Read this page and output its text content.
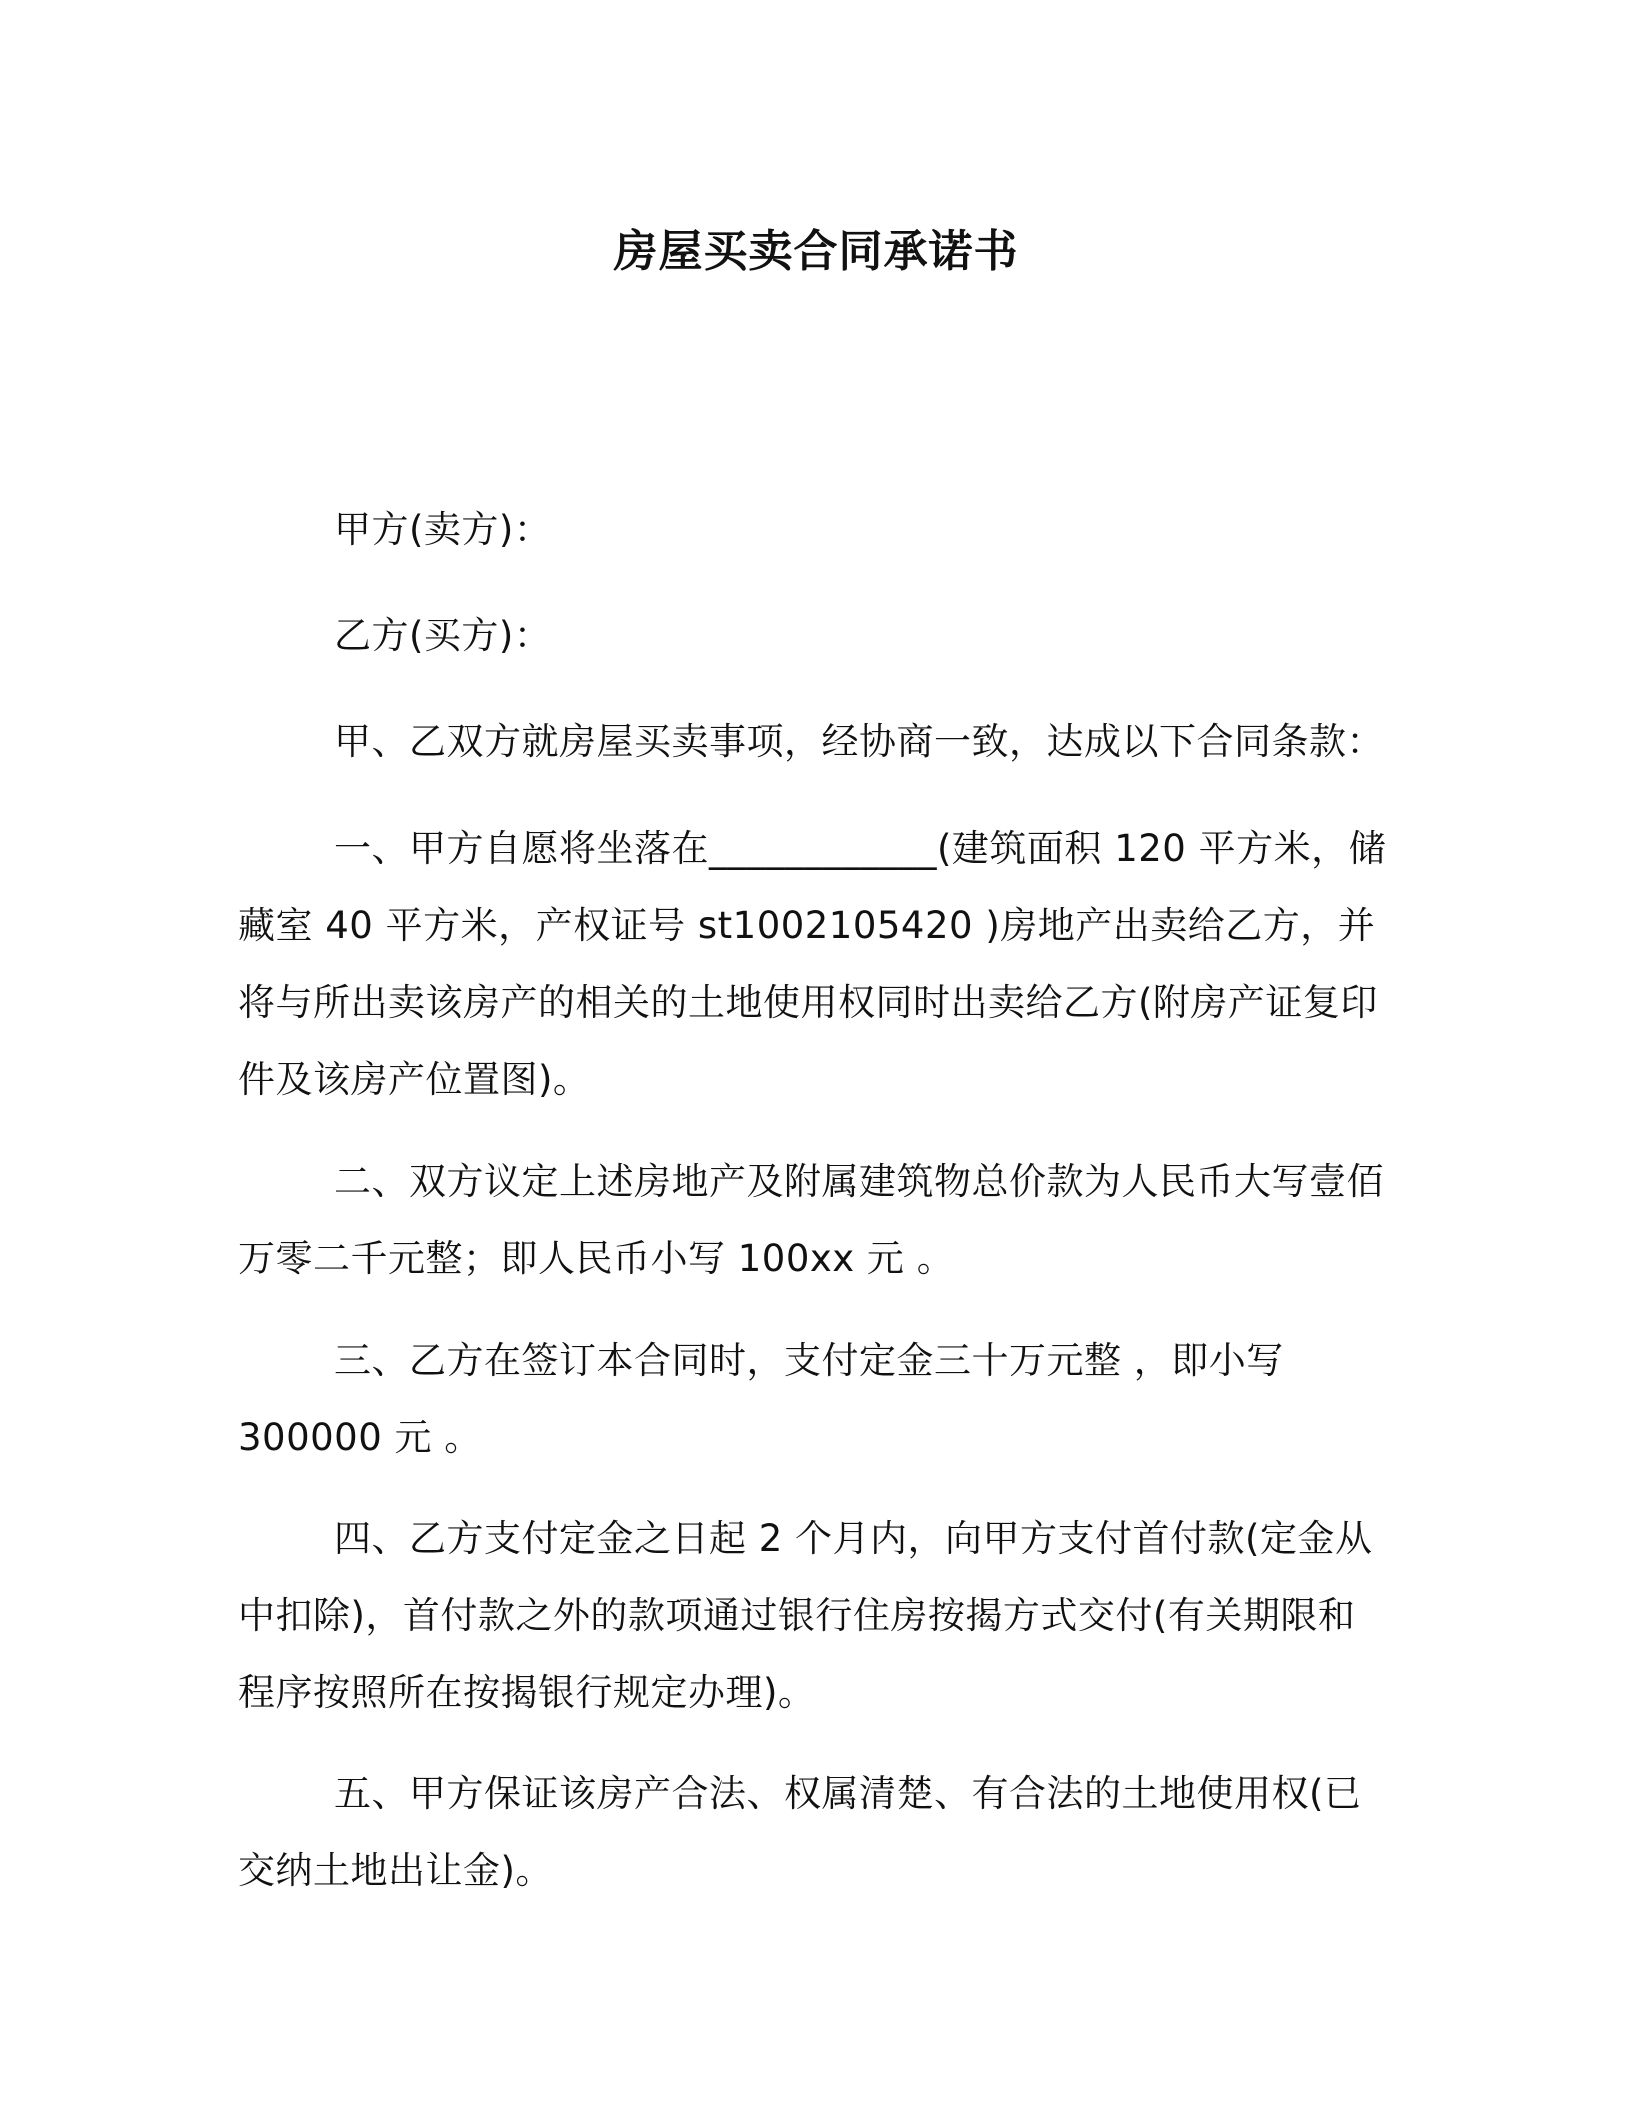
房屋买卖合同承诺书

甲方(卖方)：

乙方(买方)：

甲、乙双方就房屋买卖事项，经协商一致，达成以下合同条款：

一、甲方自愿将坐落在____________(建筑面积 120 平方米，储藏室 40 平方米，产权证号 st1002105420 )房地产出卖给乙方，并将与所出卖该房产的相关的土地使用权同时出卖给乙方(附房产证复印件及该房产位置图)。

二、双方议定上述房地产及附属建筑物总价款为人民币大写壹佰万零二千元整；即人民币小写 100xx 元 。

三、乙方在签订本合同时，支付定金三十万元整 ，即小写 300000 元 。

四、乙方支付定金之日起 2 个月内，向甲方支付首付款(定金从中扣除)，首付款之外的款项通过银行住房按揭方式交付(有关期限和程序按照所在按揭银行规定办理)。

五、甲方保证该房产合法、权属清楚、有合法的土地使用权(已交纳土地出让金)。
